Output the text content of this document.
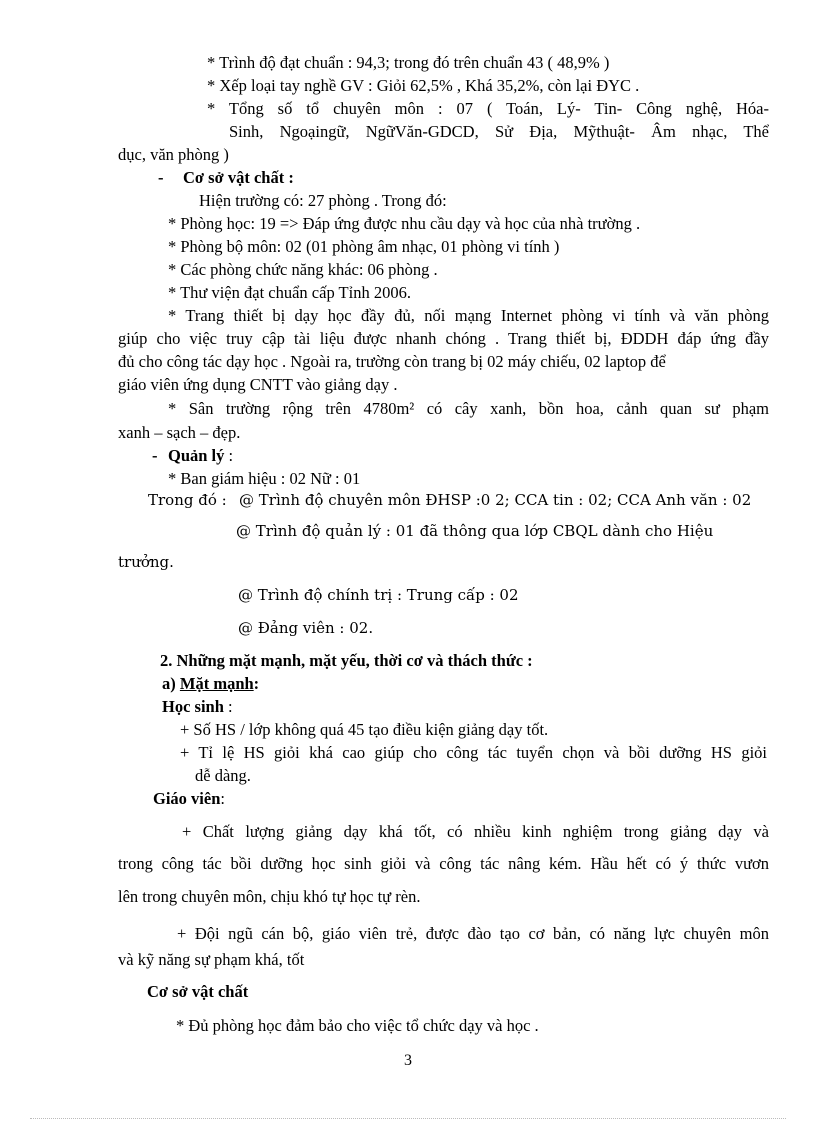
* Trình độ đạt chuẩn : 94,3; trong đó trên chuẩn 43 ( 48,9% )
* Xếp loại tay nghề GV : Giỏi 62,5% , Khá 35,2%, còn lại ĐYC .
* Tổng số tổ chuyên môn : 07 ( Toán, Lý- Tin- Công nghệ, Hóa-
Sinh, Ngoạingữ, NgữVăn-GDCD, Sử Địa, Mỹthuật- Âm nhạc, Thể
dục, văn phòng )
- Cơ sở vật chất :
Hiện trường có: 27 phòng . Trong đó:
* Phòng học: 19 => Đáp ứng được nhu cầu dạy và học của nhà trường .
* Phòng bộ môn: 02 (01 phòng âm nhạc, 01 phòng vi tính )
* Các phòng chức năng khác: 06 phòng .
* Thư viện đạt chuẩn cấp Tỉnh 2006.
* Trang thiết bị dạy học đầy đủ, nối mạng Internet phòng vi tính và văn phòng
giúp cho việc truy cập tài liệu được nhanh chóng . Trang thiết bị, ĐDDH đáp ứng đầy
đủ cho công tác dạy học . Ngoài ra, trường còn trang bị 02 máy chiếu, 02 laptop để
giáo viên ứng dụng CNTT vào giảng dạy .
* Sân trường rộng trên 4780m² có cây xanh, bồn hoa, cảnh quan sư phạm
xanh – sạch – đẹp.
- Quản lý :
* Ban giám hiệu : 02 Nữ : 01
Trong đó : @ Trình độ chuyên môn ĐHSP :0 2; CCA tin : 02; CCA Anh văn : 02
@ Trình độ quản lý : 01 đã thông qua lớp CBQL dành cho Hiệu
trưởng.
@ Trình độ chính trị : Trung cấp : 02
@ Đảng viên : 02.
2. Những mặt mạnh, mặt yếu, thời cơ và thách thức :
a) Mặt mạnh:
Học sinh :
+ Số HS / lớp không quá 45 tạo điều kiện giảng dạy tốt.
+ Tỉ lệ HS giỏi khá cao giúp cho công tác tuyển chọn và bồi dưỡng HS giỏi
dễ dàng.
Giáo viên:
+ Chất lượng giảng dạy khá tốt, có nhiều kinh nghiệm trong giảng dạy và
trong công tác bồi dưỡng học sinh giỏi và công tác nâng kém. Hầu hết có ý thức vươn
lên trong chuyên môn, chịu khó tự học tự rèn.
+ Đội ngũ cán bộ, giáo viên trẻ, được đào tạo cơ bản, có năng lực chuyên môn
và kỹ năng sự phạm khá, tốt
Cơ sở vật chất
* Đủ phòng học đảm bảo cho việc tổ chức dạy và học .
3
